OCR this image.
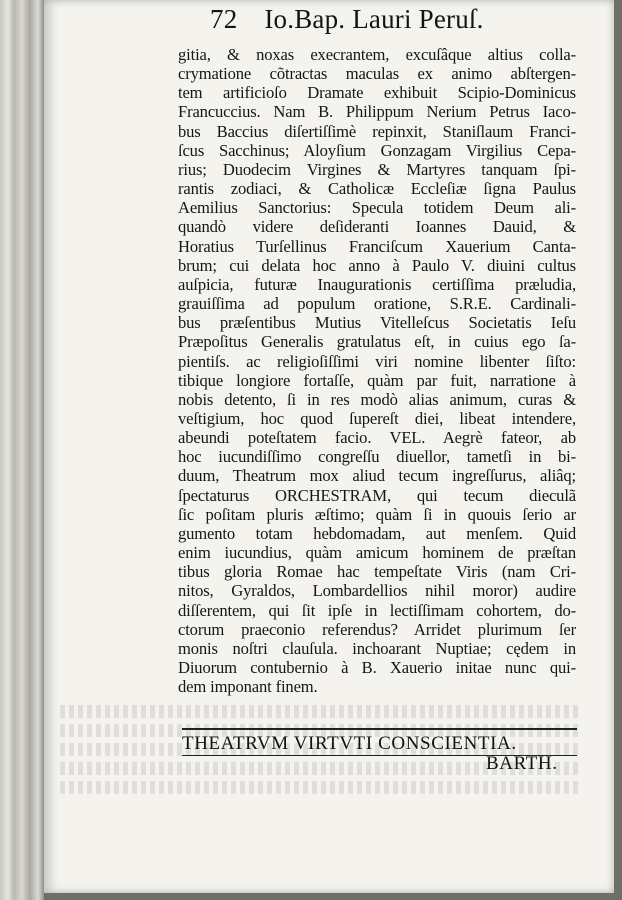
72 Io.Bap. Lauri Peruſ.
gitia, & noxas execrantem, excuſâque altius colla-
crymatione cõtractas maculas ex animo abſtergen-
tem artificioſo Dramate exhibuit Scipio-Dominicus
Francuccius. Nam B. Philippum Nerium Petrus Iaco-
bus Baccius diſertiſſimè repinxit, Staniſlaum Franci-
ſcus Sacchinus; Aloyſium Gonzagam Virgilius Cepa-
rius; Duodecim Virgines & Martyres tanquam ſpi-
rantis zodiaci, & Catholicæ Eccleſiæ ſigna Paulus
Aemilius Sanctorius: Specula totidem Deum ali-
quandò videre deſideranti Ioannes Dauid, &
Horatius Turſellinus Franciſcum Xauerium Canta-
brum; cui delata hoc anno à Paulo V. diuini cultus
auſpicia, futuræ Inaugurationis certiſſima præludia,
grauiſſima ad populum oratione, S.R.E. Cardinali-
bus præſentibus Mutius Vitelleſcus Societatis Ieſu
Præpoſitus Generalis gratulatus eſt, in cuius ego ſa-
pientiſs. ac religioſiſſimi viri nomine libenter ſiſto:
tibique longiore fortaſſe, quàm par fuit, narratione à
nobis detento, ſi in res modò alias animum, curas &
veſtigium, hoc quod ſupereſt diei, libeat intendere,
abeundi poteſtatem facio. VEL. Aegrè fateor, ab
hoc iucundiſſimo congreſſu diuellor, tametſi in bi-
duum, Theatrum mox aliud tecum ingreſſurus, aliâq;
ſpectaturus ORCHESTRAM, qui tecum dieculã
ſic poſitam pluris æſtimo; quàm ſi in quouis ſerio ar
gumento totam hebdomadam, aut menſem. Quid
enim iucundius, quàm amicum hominem de præſtan
tibus gloria Romae hac tempeſtate Viris (nam Cri-
nitos, Gyraldos, Lombardellios nihil moror) audire
diſſerentem, qui ſit ipſe in lectiſſimam cohortem, do-
ctorum praeconio referendus? Arridet plurimum ſer
monis noſtri clauſula. inchoarant Nuptiae; cędem in
Diuorum contubernio à B. Xauerio initae nunc qui-
dem imponant finem.
THEATRVM VIRTVTI CONSCIENTIA.
BARTH.
